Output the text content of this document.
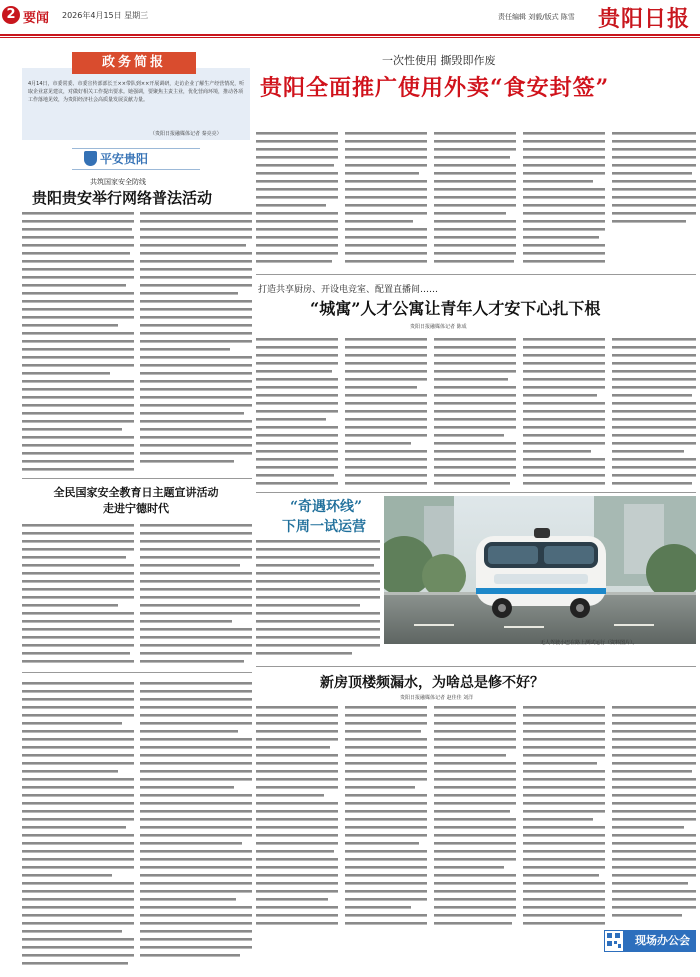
2 要闻 2026年4月15日 星期三	责任编辑 刘毅/版式 陈雪 贵阳日报
政务简报
4月14日，市委常委、市委宣传部部长王××带队到××开展调研，走访企业了解生产经营情况，听取企业意见建议，对做好相关工作提出要求。她强调，要聚焦主责主业，优化营商环境，推动各项工作落地见效，为贵阳经济社会高质量发展贡献力量。
（贵阳日报融媒体记者 秦亮亮）
平安贵阳
共筑国家安全防线
贵阳贵安举行网络普法活动
全民国家安全教育日主题宣讲活动
走进宁德时代
一次性使用 撕毁即作废
贵阳全面推广使用外卖“食安封签”
打造共享厨房、开设电竞室、配置直播间……
“城寓”人才公寓让青年人才安下心扎下根
贵阳日报融媒体记者 陈成
“奇遇环线”
下周一试运营
无人驾驶小巴在路上测试运行（资料图片）。
新房顶楼频漏水，为啥总是修不好？
贵阳日报融媒体记者 赵佳佳 刘洋
现场办公会
